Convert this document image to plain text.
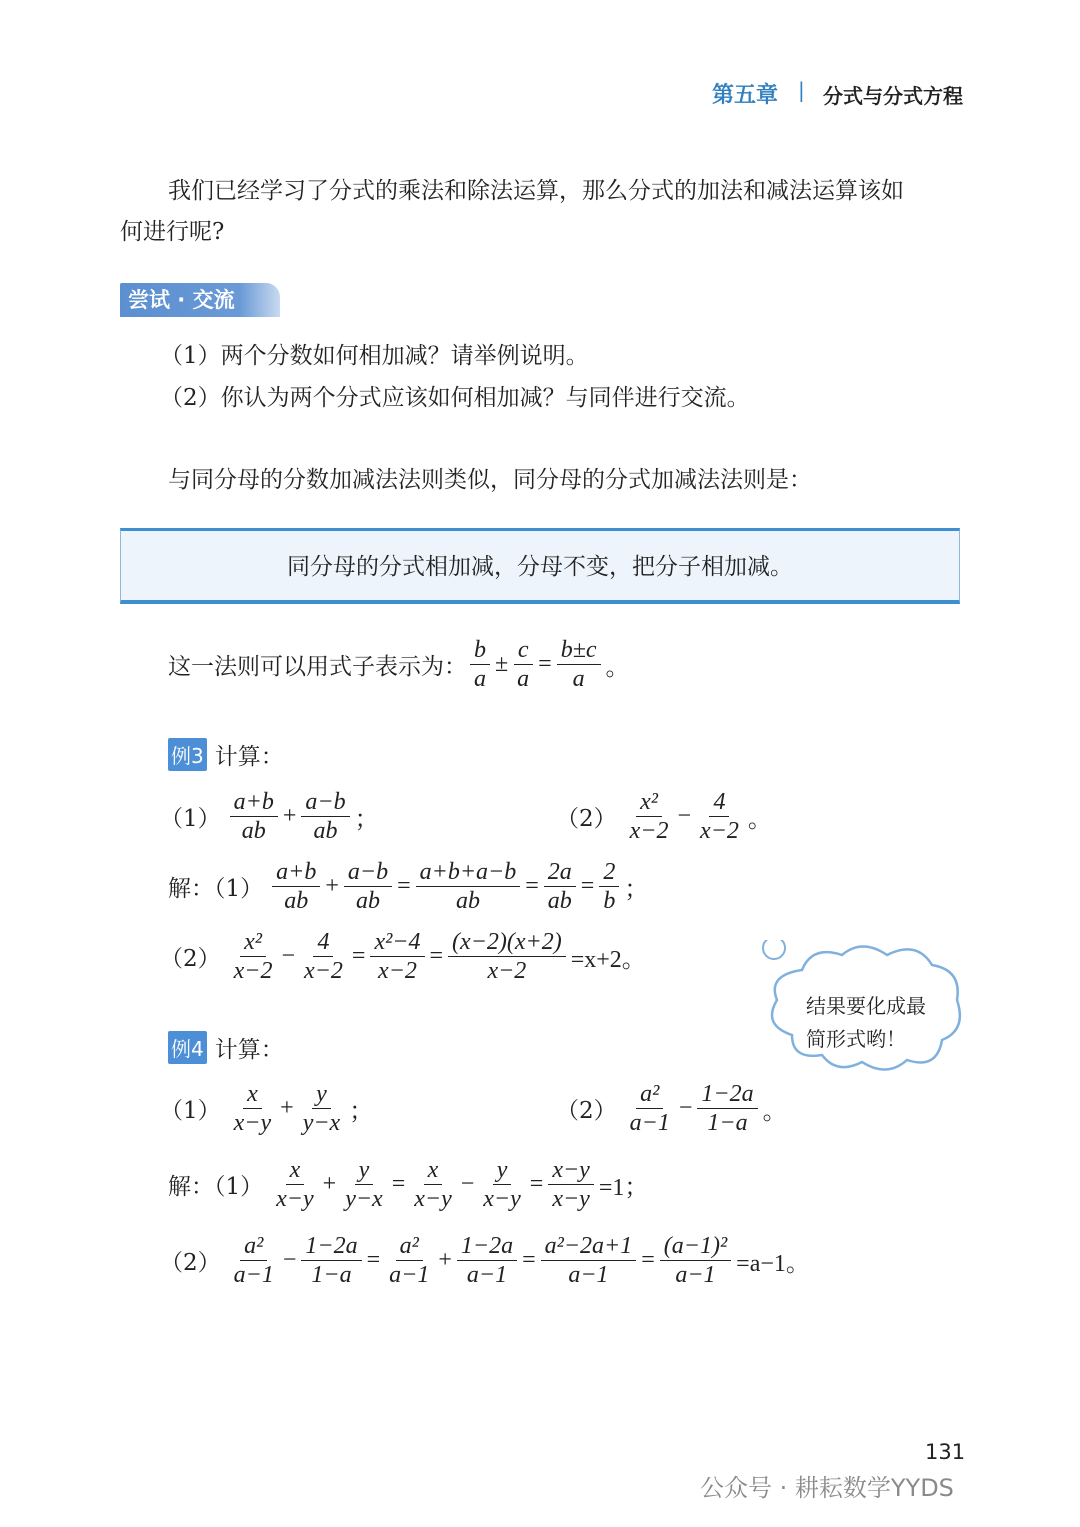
第五章 | 分式与分式方程
我们已经学习了分式的乘法和除法运算，那么分式的加法和减法运算该如
何进行呢?
尝试 · 交流
（1）两个分数如何相加减？请举例说明。
（2）你认为两个分式应该如何相加减？与同伴进行交流。
与同分母的分数加减法法则类似，同分母的分式加减法法则是：
同分母的分式相加减，分母不变，把分子相加减。
这一法则可以用式子表示为： $\frac{b}{a} \pm \frac{c}{a} = \frac{b\pm c}{a}$ 。
例3 计算：
$(1) \frac{a+b}{ab} + \frac{a-b}{ab}$ ；	$(2) \frac{\text{x²}}{x-2} - \frac{4}{x-2}$ 。
解：$(1) \frac{a+b}{ab} + \frac{a-b}{ab} = \frac{a+b+a-b}{ab} = \frac{2a}{ab} = \frac{2}{b}$ ；
$(2) \frac{\text{x²}}{x-2} - \frac{4}{x-2} = \frac{\text{x²−4}}{x-2} = \frac{(x-2)(x+2)}{x-2} =x+2$。
结果要化成最
简形式哟！
例4 计算：
$(1) \frac{x}{x-y} + \frac{y}{y-x}$ ；	$(2) \frac{\text{a²}}{a-1} - \frac{1-2a}{1-a}$ 。
解：$(1) \frac{x}{x-y} + \frac{y}{y-x} = \frac{x}{x-y} - \frac{y}{x-y} = \frac{x-y}{x-y} =1$；
$(2) \frac{\text{a²}}{a-1} - \frac{1-2a}{1-a} = \frac{\text{a²}}{a-1} + \frac{1-2a}{a-1} = \frac{\text{a²−2a+1}}{a-1} = \frac{\text{(a−1)²}}{a-1} =a-1$。
131
公众号 · 耕耘数学YYDS
